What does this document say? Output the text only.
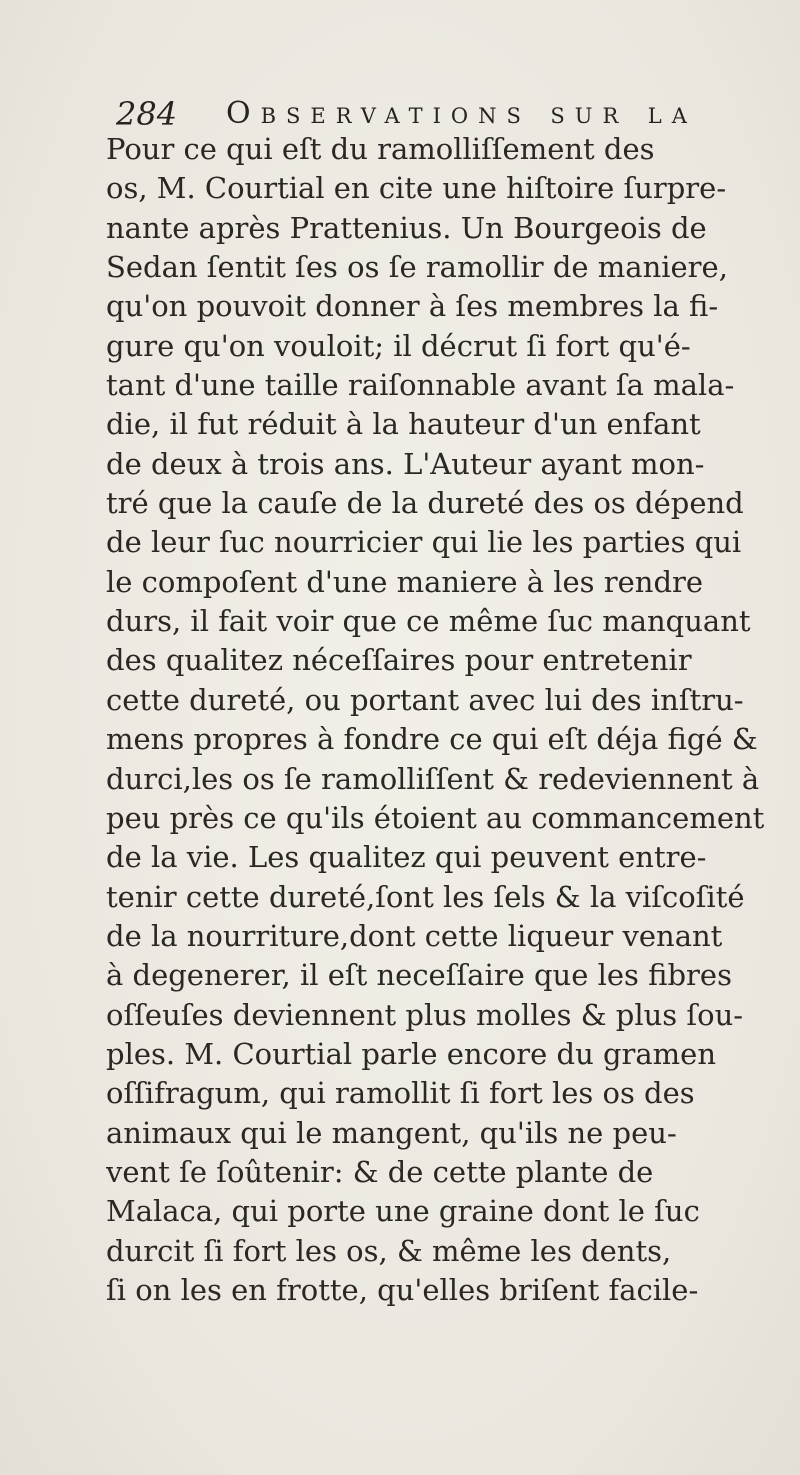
284 Observations sur la
Pour ce qui eſt du ramolliſſement des
os, M. Courtial en cite une hiſtoire ſurpre-
nante après Prattenius. Un Bourgeois de
Sedan ſentit ſes os ſe ramollir de maniere,
qu'on pouvoit donner à ſes membres la fi-
gure qu'on vouloit; il décrut ſi fort qu'é-
tant d'une taille raiſonnable avant ſa mala-
die, il fut réduit à la hauteur d'un enfant
de deux à trois ans. L'Auteur ayant mon-
tré que la cauſe de la dureté des os dépend
de leur ſuc nourricier qui lie les parties qui
le compoſent d'une maniere à les rendre
durs, il fait voir que ce même ſuc manquant
des qualitez néceſſaires pour entretenir
cette dureté, ou portant avec lui des inſtru-
mens propres à fondre ce qui eſt déja figé &
durci,les os ſe ramolliſſent & redeviennent à
peu près ce qu'ils étoient au commancement
de la vie. Les qualitez qui peuvent entre-
tenir cette dureté,ſont les ſels & la viſcoſité
de la nourriture,dont cette liqueur venant
à degenerer, il eſt neceſſaire que les fibres
oſſeuſes deviennent plus molles & plus ſou-
ples. M. Courtial parle encore du gramen
oſſifragum, qui ramollit ſi fort les os des
animaux qui le mangent, qu'ils ne peu-
vent ſe ſoûtenir: & de cette plante de
Malaca, qui porte une graine dont le ſuc
durcit ſi fort les os, & même les dents,
ſi on les en frotte, qu'elles briſent facile-
